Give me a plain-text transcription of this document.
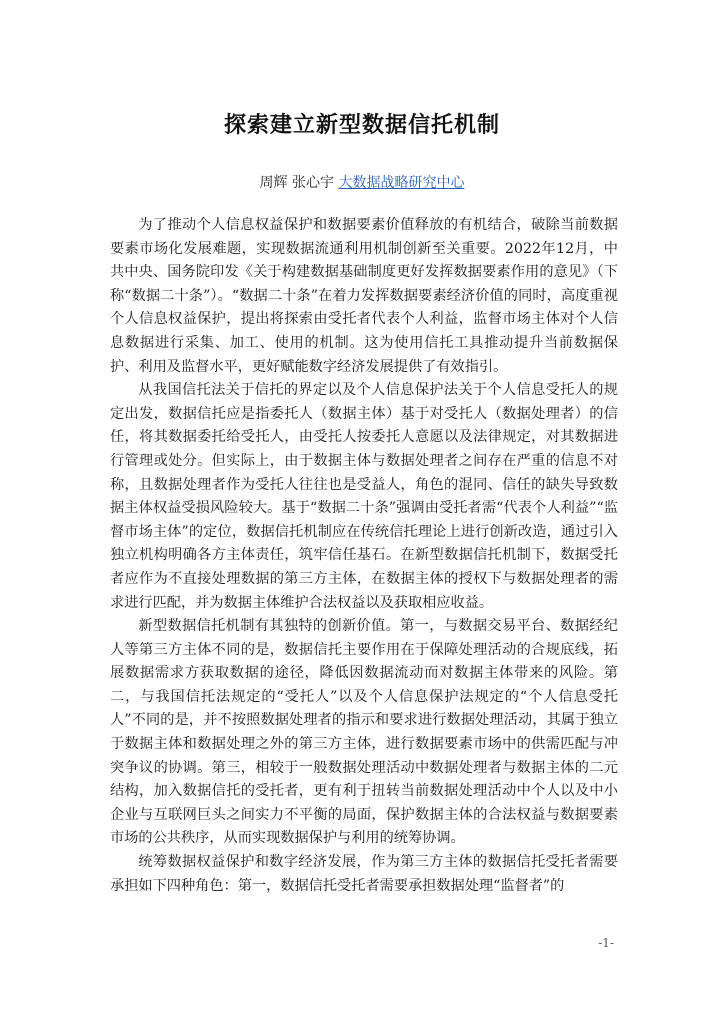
探索建立新型数据信托机制
周辉 张心宇 大数据战略研究中心

为了推动个人信息权益保护和数据要素价值释放的有机结合，破除当前数据要素市场化发展难题，实现数据流通利用机制创新至关重要。2022年12月，中共中央、国务院印发《关于构建数据基础制度更好发挥数据要素作用的意见》（下称“数据二十条”）。“数据二十条”在着力发挥数据要素经济价值的同时，高度重视个人信息权益保护，提出将探索由受托者代表个人利益，监督市场主体对个人信息数据进行采集、加工、使用的机制。这为使用信托工具推动提升当前数据保护、利用及监督水平，更好赋能数字经济发展提供了有效指引。

从我国信托法关于信托的界定以及个人信息保护法关于个人信息受托人的规定出发，数据信托应是指委托人（数据主体）基于对受托人（数据处理者）的信任，将其数据委托给受托人，由受托人按委托人意愿以及法律规定，对其数据进行管理或处分。但实际上，由于数据主体与数据处理者之间存在严重的信息不对称，且数据处理者作为受托人往往也是受益人，角色的混同、信任的缺失导致数据主体权益受损风险较大。基于“数据二十条”强调由受托者需“代表个人利益”“监督市场主体”的定位，数据信托机制应在传统信托理论上进行创新改造，通过引入独立机构明确各方主体责任，筑牢信任基石。在新型数据信托机制下，数据受托者应作为不直接处理数据的第三方主体，在数据主体的授权下与数据处理者的需求进行匹配，并为数据主体维护合法权益以及获取相应收益。

新型数据信托机制有其独特的创新价值。第一，与数据交易平台、数据经纪人等第三方主体不同的是，数据信托主要作用在于保障处理活动的合规底线，拓展数据需求方获取数据的途径，降低因数据流动而对数据主体带来的风险。第二，与我国信托法规定的“受托人”以及个人信息保护法规定的“个人信息受托人”不同的是，并不按照数据处理者的指示和要求进行数据处理活动，其属于独立于数据主体和数据处理之外的第三方主体，进行数据要素市场中的供需匹配与冲突争议的协调。第三，相较于一般数据处理活动中数据处理者与数据主体的二元结构，加入数据信托的受托者，更有利于扭转当前数据处理活动中个人以及中小企业与互联网巨头之间实力不平衡的局面，保护数据主体的合法权益与数据要素市场的公共秩序，从而实现数据保护与利用的统筹协调。

统筹数据权益保护和数字经济发展，作为第三方主体的数据信托受托者需要承担如下四种角色：第一，数据信托受托者需要承担数据处理“监督者”的

-1-
